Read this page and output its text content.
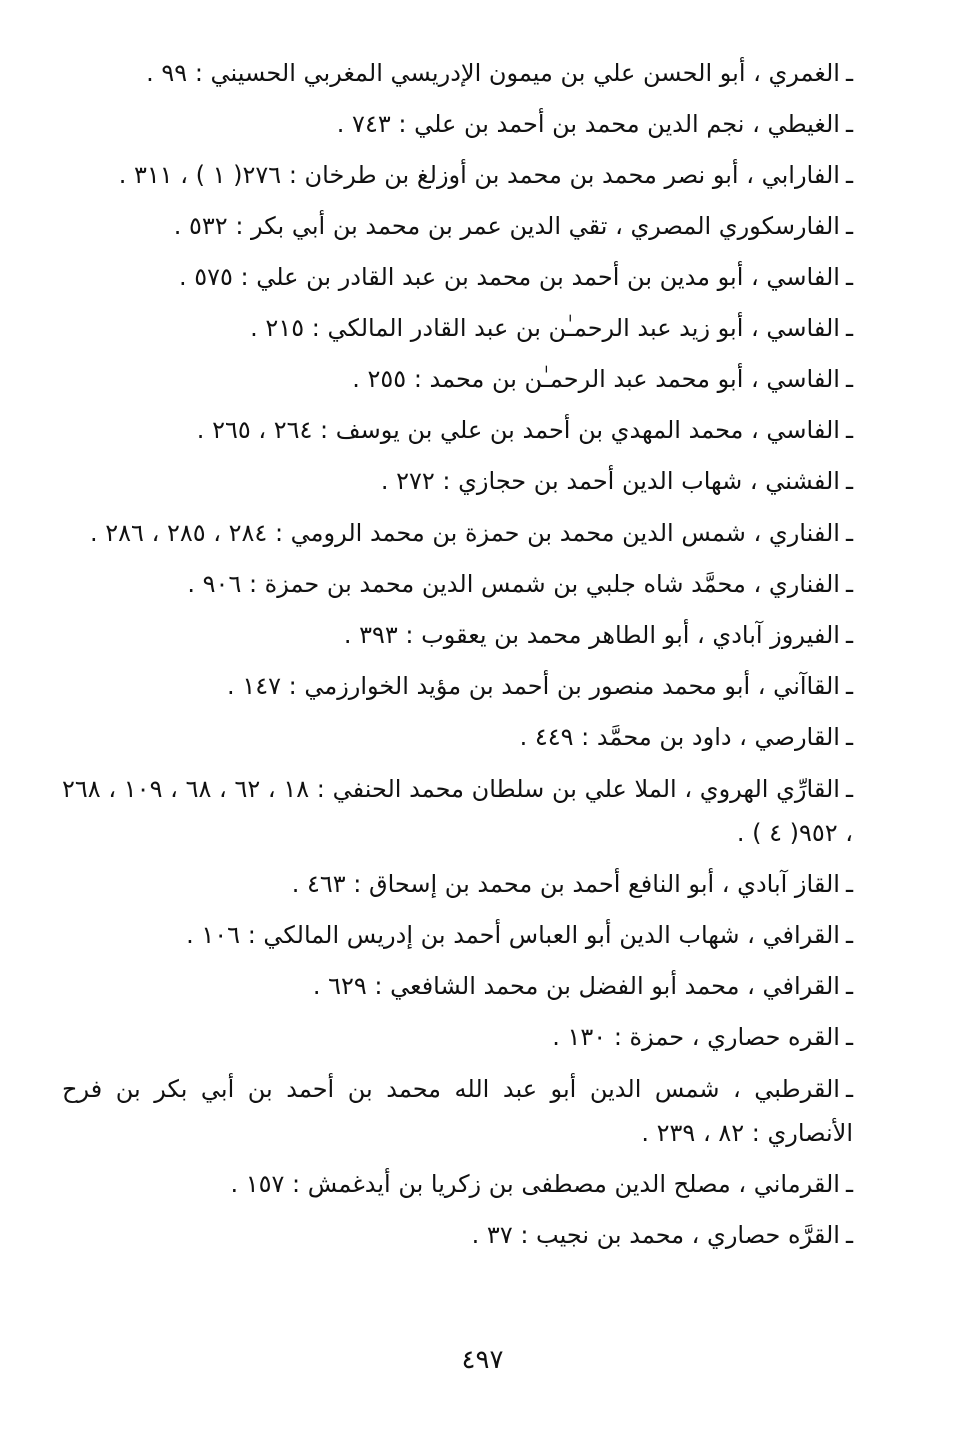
ـالغمري ، أبو الحسن علي بن ميمون الإدريسي المغربي الحسيني : ٩٩ .
ـالغيطي ، نجم الدين محمد بن أحمد بن علي : ٧٤٣ .
ـالفارابي ، أبو نصر محمد بن محمد بن أوزلغ بن طرخان : ٢٧٦( ١ ) ، ٣١١ .
ـالفارسكوري المصري ، تقي الدين عمر بن محمد بن أبي بكر : ٥٣٢ .
ـالفاسي ، أبو مدين بن أحمد بن محمد بن عبد القادر بن علي : ٥٧٥ .
ـالفاسي ، أبو زيد عبد الرحمـٰن بن عبد القادر المالكي : ٢١٥ .
ـالفاسي ، أبو محمد عبد الرحمـٰن بن محمد : ٢٥٥ .
ـالفاسي ، محمد المهدي بن أحمد بن علي بن يوسف : ٢٦٤ ، ٢٦٥ .
ـالفشني ، شهاب الدين أحمد بن حجازي : ٢٧٢ .
ـالفناري ، شمس الدين محمد بن حمزة بن محمد الرومي : ٢٨٤ ، ٢٨٥ ، ٢٨٦ .
ـالفناري ، محمَّد شاه جلبي بن شمس الدين محمد بن حمزة : ٩٠٦ .
ـالفيروز آبادي ، أبو الطاهر محمد بن يعقوب : ٣٩٣ .
ـالقاآني ، أبو محمد منصور بن أحمد بن مؤيد الخوارزمي : ١٤٧ .
ـالقارصي ، داود بن محمَّد : ٤٤٩ .
ـالقارِّي الهروي ، الملا علي بن سلطان محمد الحنفي : ١٨ ، ٦٢ ، ٦٨ ، ١٠٩ ، ٢٦٨ ، ٩٥٢( ٤ ) .
ـالقاز آبادي ، أبو النافع أحمد بن محمد بن إسحاق : ٤٦٣ .
ـالقرافي ، شهاب الدين أبو العباس أحمد بن إدريس المالكي : ١٠٦ .
ـالقرافي ، محمد أبو الفضل بن محمد الشافعي : ٦٢٩ .
ـالقره حصاري ، حمزة : ١٣٠ .
ـالقرطبي ، شمس الدين أبو عبد الله محمد بن أحمد بن أبي بكر بن فرح الأنصاري : ٨٢ ، ٢٣٩ .
ـالقرماني ، مصلح الدين مصطفى بن زكريا بن أيدغمش : ١٥٧ .
ـالقرَّه حصاري ، محمد بن نجيب : ٣٧ .
٤٩٧
